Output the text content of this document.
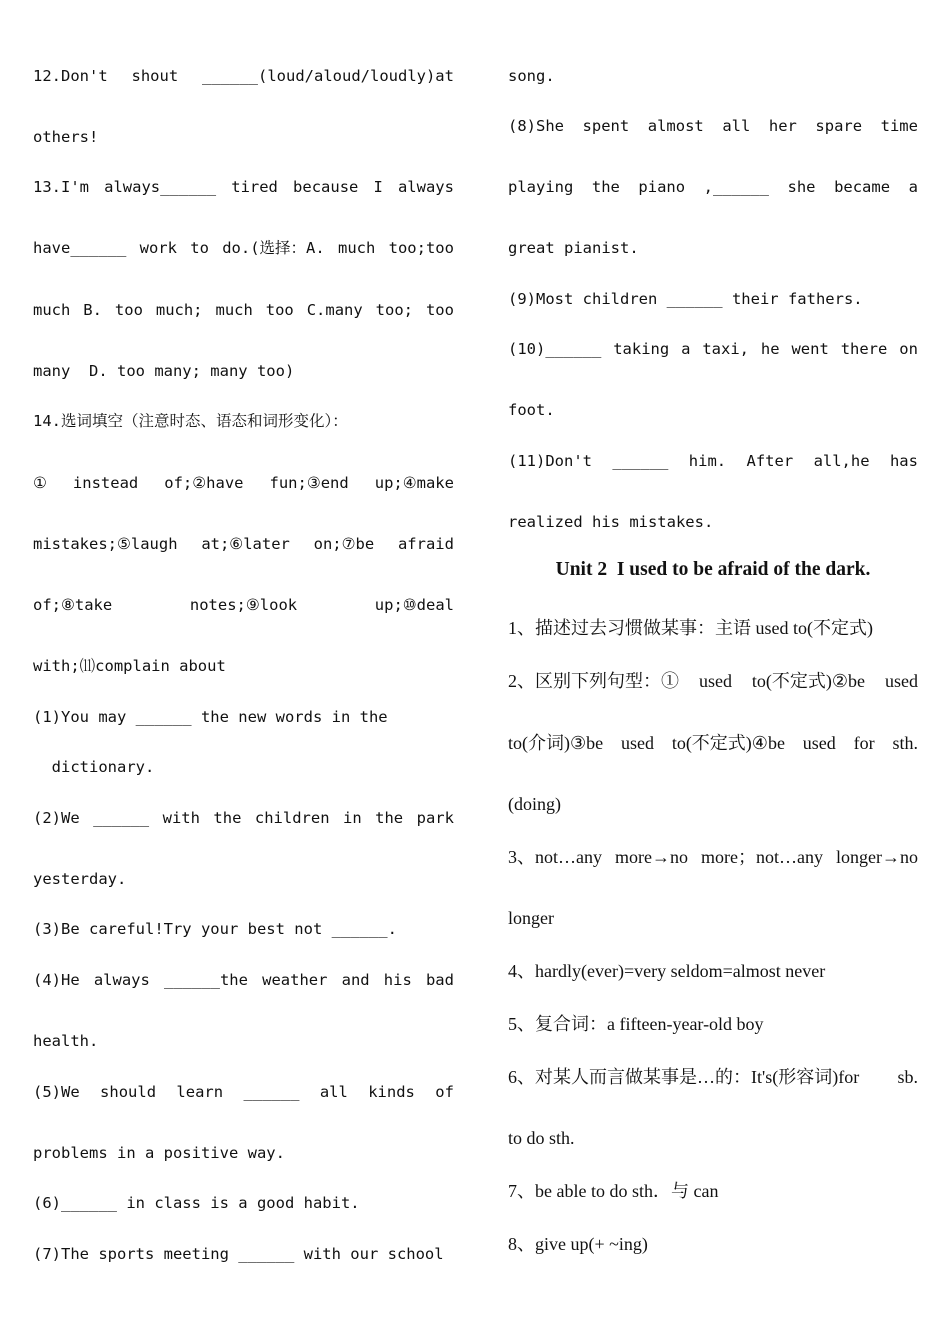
12.Don't shout ______(loud/aloud/loudly)at
others!
13.I'm always______ tired because I always
have______ work to do.(选择：A. much too;too
much B. too much; much too C.many too; too
many  D. too many; many too)
14.选词填空（注意时态、语态和词形变化）：
① instead of;②have fun;③end up;④make
mistakes;⑤laugh at;⑥later on;⑦be afraid
of;⑧take	notes;⑨look	up;⑩deal
with;⑾complain about
(1)You may ______ the new words in the
dictionary.
(2)We ______ with the children in the park
yesterday.
(3)Be careful!Try your best not ______.
(4)He always ______the weather and his bad
health.
(5)We should learn ______ all kinds of
problems in a positive way.
(6)______ in class is a good habit.
(7)The sports meeting ______ with our school
song.
(8)She spent almost all her spare time
playing the piano ,______ she became a
great pianist.
(9)Most children ______ their fathers.
(10)______ taking a taxi, he went there on
foot.
(11)Don't ______ him. After all,he has
realized his mistakes.
Unit 2  I used to be afraid of the dark.
1、描述过去习惯做某事：主语 used to(不定式)
2、区别下列句型：① used to(不定式)②be used
to(介词)③be used to(不定式)④be used for sth.
(doing)
3、not…any more→no more；not…any longer→no
longer
4、hardly(ever)=very seldom=almost never
5、复合词：a fifteen-year-old boy
6、对某人而言做某事是…的：It's(形容词)for sb.
to do sth.
7、be able to do sth．与 can
8、give up(+ ~ing)
